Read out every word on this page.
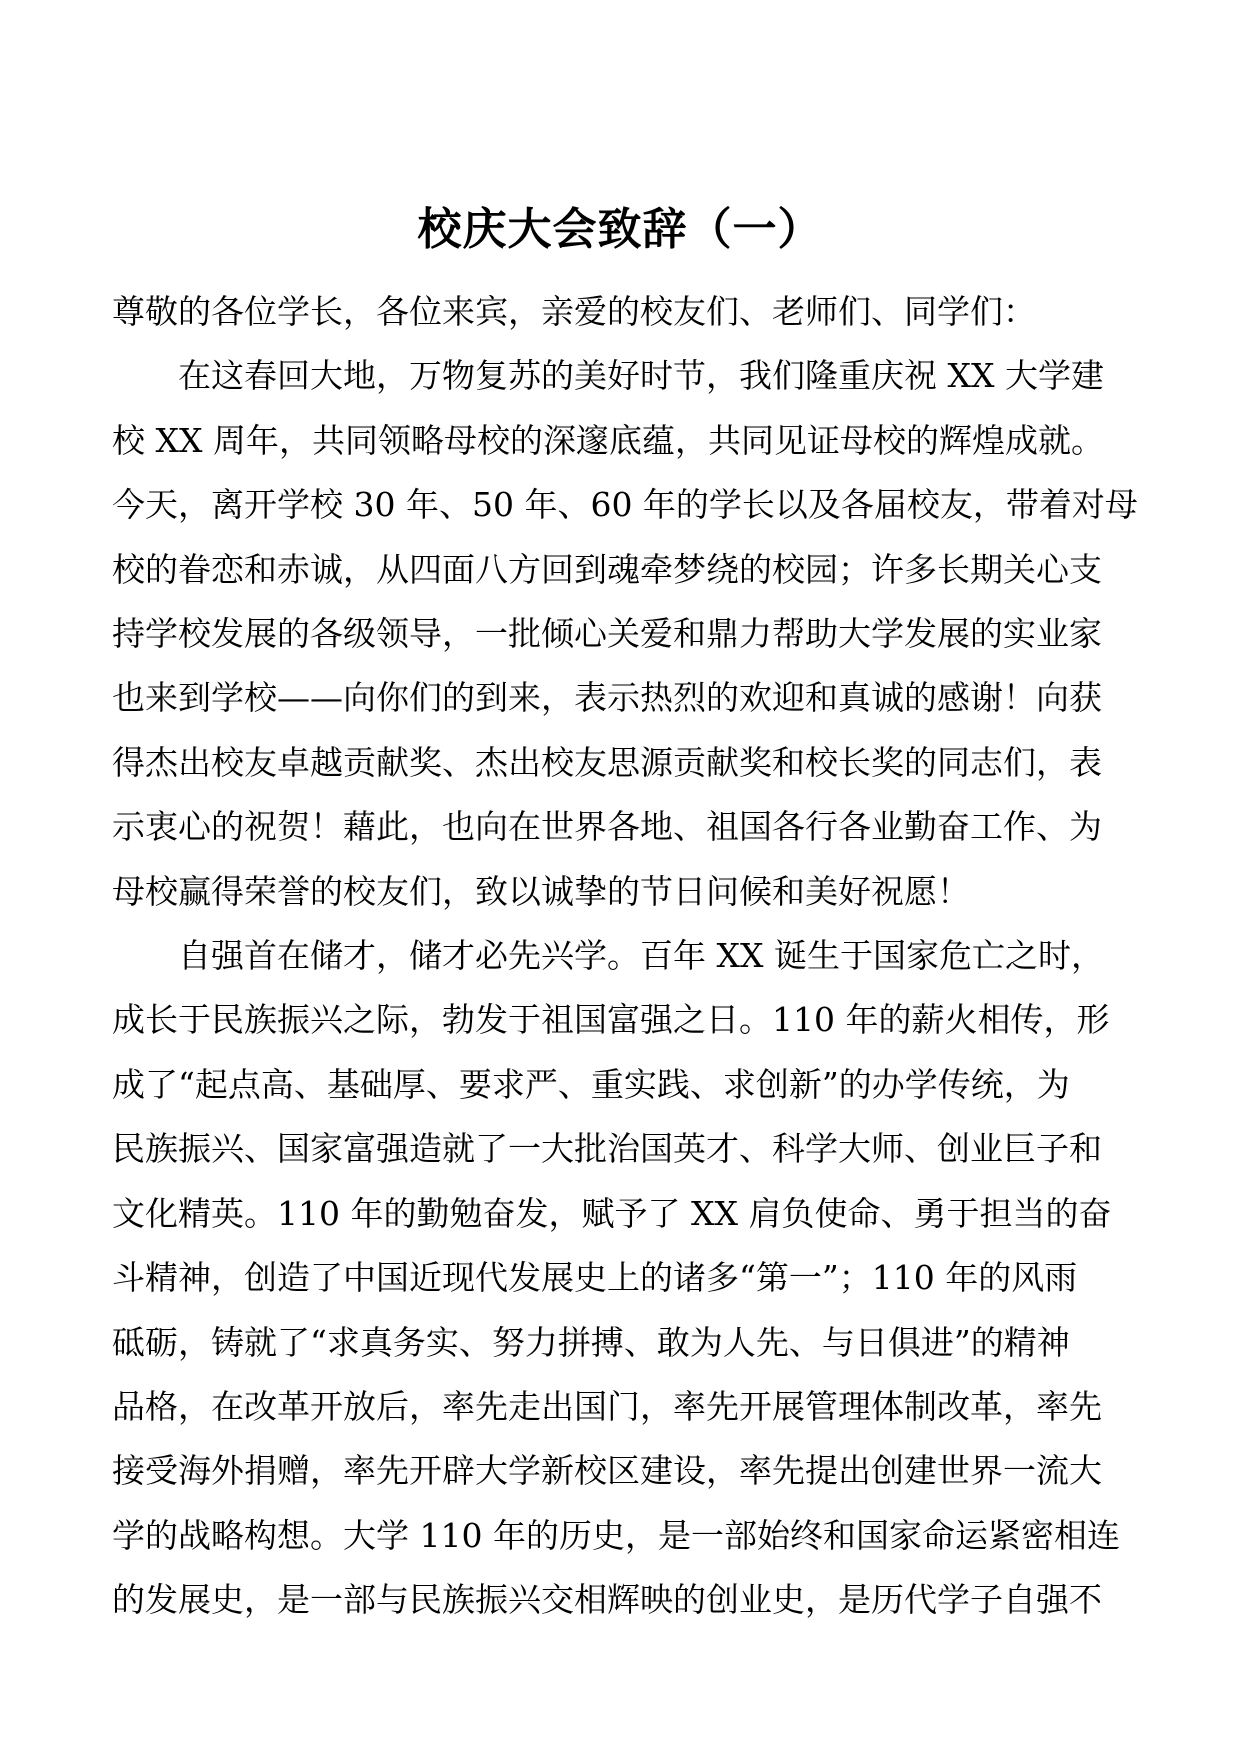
校庆大会致辞（一）

尊敬的各位学长，各位来宾，亲爱的校友们、老师们、同学们：

在这春回大地，万物复苏的美好时节，我们隆重庆祝 XX 大学建
校 XX 周年，共同领略母校的深邃底蕴，共同见证母校的辉煌成就。
今天，离开学校 30 年、50 年、60 年的学长以及各届校友，带着对母
校的眷恋和赤诚，从四面八方回到魂牵梦绕的校园；许多长期关心支
持学校发展的各级领导，一批倾心关爱和鼎力帮助大学发展的实业家
也来到学校——向你们的到来，表示热烈的欢迎和真诚的感谢！向获
得杰出校友卓越贡献奖、杰出校友思源贡献奖和校长奖的同志们，表
示衷心的祝贺！藉此，也向在世界各地、祖国各行各业勤奋工作、为
母校赢得荣誉的校友们，致以诚挚的节日问候和美好祝愿！

自强首在储才，储才必先兴学。百年 XX 诞生于国家危亡之时，
成长于民族振兴之际，勃发于祖国富强之日。110 年的薪火相传，形
成了“起点高、基础厚、要求严、重实践、求创新”的办学传统，为
民族振兴、国家富强造就了一大批治国英才、科学大师、创业巨子和
文化精英。110 年的勤勉奋发，赋予了 XX 肩负使命、勇于担当的奋
斗精神，创造了中国近现代发展史上的诸多“第一”；110 年的风雨
砥砺，铸就了“求真务实、努力拼搏、敢为人先、与日俱进”的精神
品格，在改革开放后，率先走出国门，率先开展管理体制改革，率先
接受海外捐赠，率先开辟大学新校区建设，率先提出创建世界一流大
学的战略构想。大学 110 年的历史，是一部始终和国家命运紧密相连
的发展史，是一部与民族振兴交相辉映的创业史，是历代学子自强不
